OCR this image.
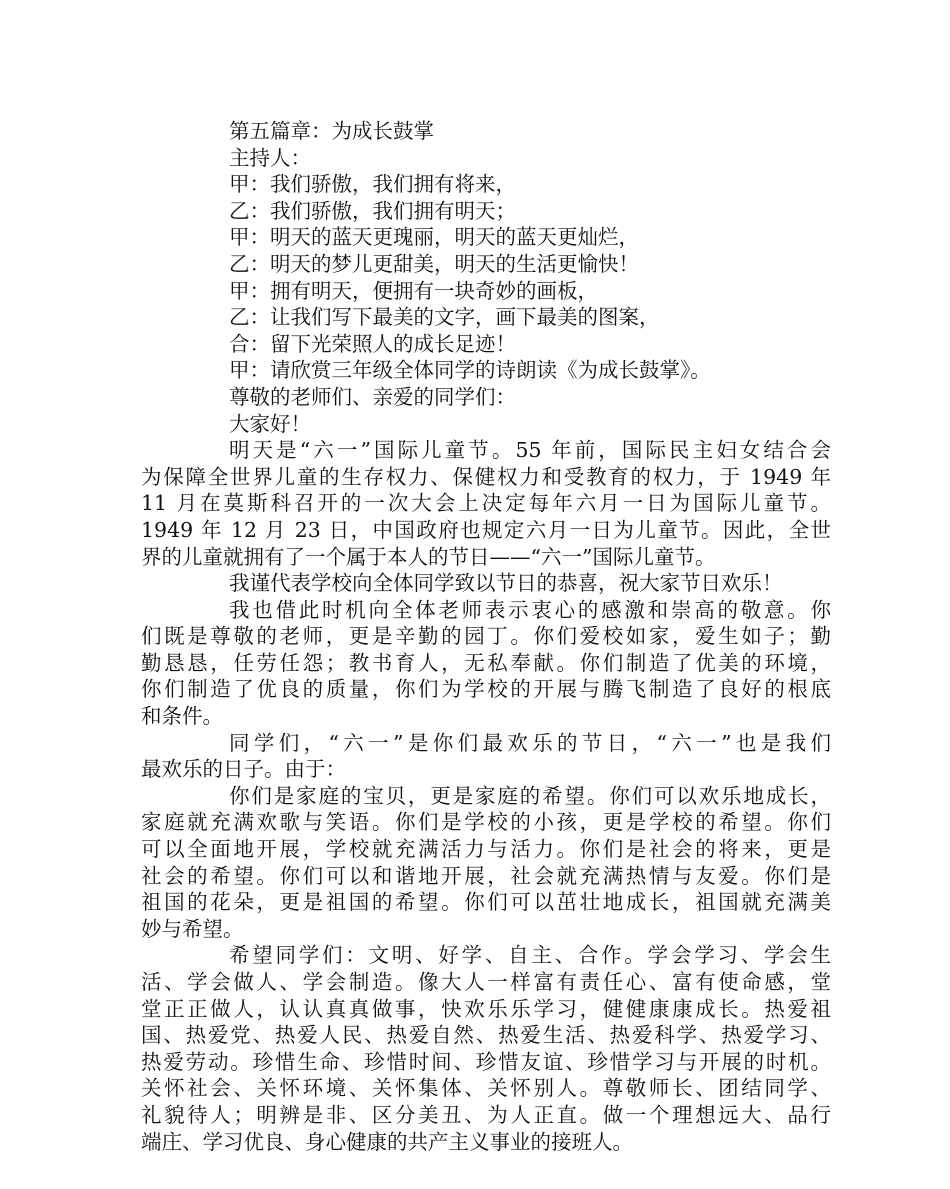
第五篇章：为成长鼓掌
主持人：
甲：我们骄傲，我们拥有将来，
乙：我们骄傲，我们拥有明天；
甲：明天的蓝天更瑰丽，明天的蓝天更灿烂，
乙：明天的梦儿更甜美，明天的生活更愉快！
甲：拥有明天，便拥有一块奇妙的画板，
乙：让我们写下最美的文字，画下最美的图案，
合：留下光荣照人的成长足迹！
甲：请欣赏三年级全体同学的诗朗读《为成长鼓掌》。
尊敬的老师们、亲爱的同学们：
大家好！
明天是“六一”国际儿童节。55 年前，国际民主妇女结合会
为保障全世界儿童的生存权力、保健权力和受教育的权力，于 1949 年
11 月在莫斯科召开的一次大会上决定每年六月一日为国际儿童节。
1949 年 12 月 23 日，中国政府也规定六月一日为儿童节。因此，全世
界的儿童就拥有了一个属于本人的节日——“六一”国际儿童节。
我谨代表学校向全体同学致以节日的恭喜，祝大家节日欢乐！
我也借此时机向全体老师表示衷心的感激和崇高的敬意。你
们既是尊敬的老师，更是辛勤的园丁。你们爱校如家，爱生如子；勤
勤恳恳，任劳任怨；教书育人，无私奉献。你们制造了优美的环境，
你们制造了优良的质量，你们为学校的开展与腾飞制造了良好的根底
和条件。
同学们，“六一”是你们最欢乐的节日，“六一”也是我们
最欢乐的日子。由于：
你们是家庭的宝贝，更是家庭的希望。你们可以欢乐地成长，
家庭就充满欢歌与笑语。你们是学校的小孩，更是学校的希望。你们
可以全面地开展，学校就充满活力与活力。你们是社会的将来，更是
社会的希望。你们可以和谐地开展，社会就充满热情与友爱。你们是
祖国的花朵，更是祖国的希望。你们可以茁壮地成长，祖国就充满美
妙与希望。
希望同学们：文明、好学、自主、合作。学会学习、学会生
活、学会做人、学会制造。像大人一样富有责任心、富有使命感，堂
堂正正做人，认认真真做事，快欢乐乐学习，健健康康成长。热爱祖
国、热爱党、热爱人民、热爱自然、热爱生活、热爱科学、热爱学习、
热爱劳动。珍惜生命、珍惜时间、珍惜友谊、珍惜学习与开展的时机。
关怀社会、关怀环境、关怀集体、关怀别人。尊敬师长、团结同学、
礼貌待人；明辨是非、区分美丑、为人正直。做一个理想远大、品行
端庄、学习优良、身心健康的共产主义事业的接班人。
